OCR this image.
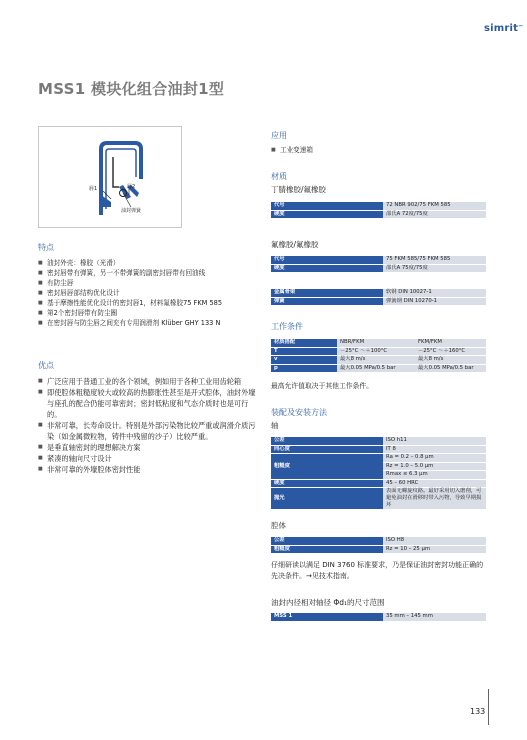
simrit⁻
MSS1 模块化组合油封1型
唇1	唇2
油封弹簧
特点
■ 油封外壳：橡胶（光滑）
■ 密封唇带有弹簧，另一不带弹簧的副密封唇带有回油线
■ 有防尘唇
■ 密封唇唇部结构优化设计
■ 基于摩擦性能优化设计的密封唇1，材料氟橡胶75 FKM 585
■ 第2个密封唇带有防尘圈
■ 在密封唇与防尘唇之间充有专用润滑剂 Klüber GHY 133 N
优点
■ 广泛应用于普通工业的各个领域，例如用于各种工业用齿轮箱
■ 即使腔体粗糙度较大或较高的热膨胀性甚至是开式腔体，油封外壕与座孔的配合仍能可靠密封；密封低粘度和气态介质时也是可行的。
■ 非常可靠，长寿命设计。特别是外部污染物比较严重或润滑介质污染（如金属微粒物，铸件中残留的沙子）比较严重。
■ 是垂直轴密封的理想解决方案
■ 紧凑的轴向尺寸设计
■ 非常可靠的外壕腔体密封性能
应用
■ 工业变速箱
材质
丁腈橡胶/氟橡胶
代号	72 NBR 902/75 FKM 585
硬度	邵氏A 72度/75度
氟橡胶/氟橡胶
代号	75 FKM 585/75 FKM 585
硬度	邵氏A 75度/75度
金属骨架	软钢 DIN 10027-1
弹簧	弹簧钢 DIN 10270-1
工作条件
材质搭配	NBR/FKM	FKM/FKM
T	－25°C ～＋100°C	－25°C ～＋160°C
v	最大8 m/s	最大8 m/s
p	最大0.05 MPa/0.5 bar	最大0.05 MPa/0.5 bar
最高允许值取决于其他工作条件。
装配及安装方法
轴
公差	ISO h11
同心度	IT 8
粗糙度	Ra = 0.2 – 0.8 µm
	Rz = 1.0 – 5.0 µm
	Rmax ≤ 6.3 µm
硬度	45 – 60 HRC
抛光	表面无螺旋纹路。最好采用切入磨削，可避免油封在滑移时带入污物，导致早期损坏
腔体
公差	ISO H8
粗糙度	Rz = 10 – 25 µm
仔细研读以满足 DIN 3760 标准要求，乃是保证油封密封功能正确的先决条件。→见技术指南。
油封内径相对轴径 Φd₁的尺寸范围
MSS 1	35 mm – 145 mm
133
